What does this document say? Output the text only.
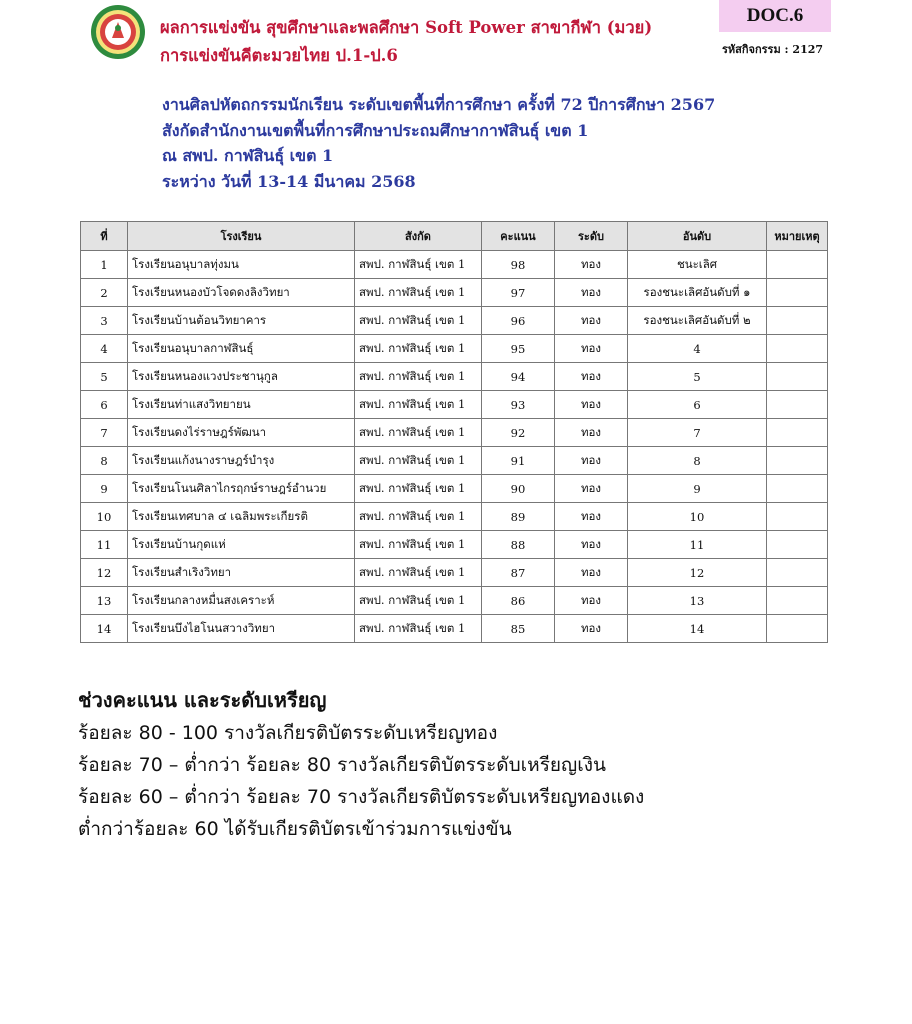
ผลการแข่งขัน สุขศึกษาและพลศึกษา Soft Power สาขากีฬา (มวย)
การแข่งขันคีตะมวยไทย ป.1-ป.6
DOC.6
รหัสกิจกรรม : 2127
งานศิลปหัตถกรรมนักเรียน ระดับเขตพื้นที่การศึกษา ครั้งที่ 72 ปีการศึกษา 2567
สังกัดสำนักงานเขตพื้นที่การศึกษาประถมศึกษากาฬสินธุ์ เขต 1
ณ สพป. กาฬสินธุ์ เขต 1
ระหว่าง วันที่ 13-14 มีนาคม 2568
ที่	โรงเรียน	สังกัด	คะแนน	ระดับ	อันดับ	หมายเหตุ
1	โรงเรียนอนุบาลทุ่งมน	สพป. กาฬสินธุ์ เขต 1	98	ทอง	ชนะเลิศ	
2	โรงเรียนหนองบัวโจดดงลิงวิทยา	สพป. กาฬสินธุ์ เขต 1	97	ทอง	รองชนะเลิศอันดับที่ ๑	
3	โรงเรียนบ้านต้อนวิทยาคาร	สพป. กาฬสินธุ์ เขต 1	96	ทอง	รองชนะเลิศอันดับที่ ๒	
4	โรงเรียนอนุบาลกาฬสินธุ์	สพป. กาฬสินธุ์ เขต 1	95	ทอง	4	
5	โรงเรียนหนองแวงประชานุกูล	สพป. กาฬสินธุ์ เขต 1	94	ทอง	5	
6	โรงเรียนท่าแสงวิทยายน	สพป. กาฬสินธุ์ เขต 1	93	ทอง	6	
7	โรงเรียนดงไร่ราษฎร์พัฒนา	สพป. กาฬสินธุ์ เขต 1	92	ทอง	7	
8	โรงเรียนแก้งนางราษฎร์บำรุง	สพป. กาฬสินธุ์ เขต 1	91	ทอง	8	
9	โรงเรียนโนนศิลาไกรฤกษ์ราษฎร์อำนวย	สพป. กาฬสินธุ์ เขต 1	90	ทอง	9	
10	โรงเรียนเทศบาล ๔ เฉลิมพระเกียรติ	สพป. กาฬสินธุ์ เขต 1	89	ทอง	10	
11	โรงเรียนบ้านกุดแห่	สพป. กาฬสินธุ์ เขต 1	88	ทอง	11	
12	โรงเรียนสำเริงวิทยา	สพป. กาฬสินธุ์ เขต 1	87	ทอง	12	
13	โรงเรียนกลางหมื่นสงเคราะห์	สพป. กาฬสินธุ์ เขต 1	86	ทอง	13	
14	โรงเรียนบึงไฮโนนสวางวิทยา	สพป. กาฬสินธุ์ เขต 1	85	ทอง	14	
ช่วงคะแนน และระดับเหรียญ
ร้อยละ 80 - 100 รางวัลเกียรติบัตรระดับเหรียญทอง
ร้อยละ 70 – ต่ำกว่า ร้อยละ 80 รางวัลเกียรติบัตรระดับเหรียญเงิน
ร้อยละ 60 – ต่ำกว่า ร้อยละ 70 รางวัลเกียรติบัตรระดับเหรียญทองแดง
ต่ำกว่าร้อยละ 60 ได้รับเกียรติบัตรเข้าร่วมการแข่งขัน
